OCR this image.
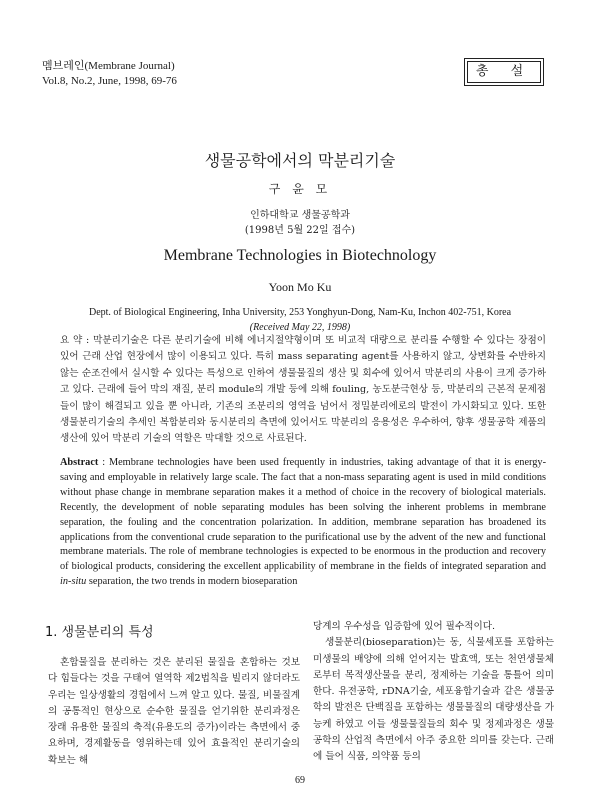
멤브레인(Membrane Journal)
Vol.8, No.2, June, 1998, 69-76
총 설
생물공학에서의 막분리기술
구 윤 모
인하대학교 생물공학과
(1998년 5월 22일 접수)
Membrane Technologies in Biotechnology
Yoon Mo Ku
Dept. of Biological Engineering, Inha University, 253 Yonghyun-Dong, Nam-Ku, Inchon 402-751, Korea
(Received May 22, 1998)
요 약 : 막분리기술은 다른 분리기술에 비해 에너지절약형이며 또 비교적 대량으로 분리를 수행할 수 있다는 장점이 있어 근래 산업 현장에서 많이 이용되고 있다. 특히 mass separating agent를 사용하지 않고, 상변화를 수반하지 않는 순조건에서 실시할 수 있다는 특성으로 인하여 생물물질의 생산 및 회수에 있어서 막분리의 사용이 크게 증가하고 있다. 근래에 들어 막의 재질, 분리 module의 개발 등에 의해 fouling, 농도분극현상 등, 막분리의 근본적 문제점들이 많이 해결되고 있을 뿐 아니라, 기존의 조분리의 영역을 넘어서 정밀분리에로의 발전이 가시화되고 있다. 또한 생물분리기술의 추세인 복합분리와 동시분리의 측면에 있어서도 막분리의 응용성은 우수하여, 향후 생물공학 제품의 생산에 있어 막분리 기술의 역할은 막대할 것으로 사료된다.
Abstract : Membrane technologies have been used frequently in industries, taking advantage of that it is energy-saving and employable in relatively large scale. The fact that a non-mass separating agent is used in mild conditions without phase change in membrane separation makes it a method of choice in the recovery of biological materials. Recently, the development of noble separating modules has been solving the inherent problems in membrane separation, the fouling and the concentration polarization. In addition, membrane separation has broadened its applications from the conventional crude separation to the purificational use by the advent of the new and functional membrane materials. The role of membrane technologies is expected to be enormous in the production and recovery of biological products, considering the excellent applicability of membrane in the fields of integrated separation and in-situ separation, the two trends in modern bioseparation
1. 생물분리의 특성
혼합물질을 분리하는 것은 분리된 물질을 혼합하는 것보다 힘들다는 것을 구태여 열역학 제2법칙을 빌리지 않더라도 우리는 일상생활의 경험에서 느껴 알고 있다. 물질, 비물질계의 공통적인 현상으로 순수한 물질을 얻기위한 분리과정은 장래 유용한 물질의 축적(유용도의 증가)이라는 측면에서 중요하며, 경제활동을 영위하는데 있어 효율적인 분리기술의 확보는 해
당계의 우수성을 입증함에 있어 필수적이다.
생물분리(bioseparation)는 동, 식물세포를 포함하는 미생물의 배양에 의해 얻어지는 발효액, 또는 천연생물체로부터 목적생산물을 분리, 정제하는 기술을 통틀어 의미한다. 유전공학, rDNA기술, 세포융합기술과 같은 생물공학의 발전은 단백질을 포함하는 생물물질의 대량생산을 가능케 하였고 이들 생물물질들의 회수 및 정제과정은 생물공학의 산업적 측면에서 아주 중요한 의미를 갖는다. 근래에 들어 식품, 의약품 등의
69
